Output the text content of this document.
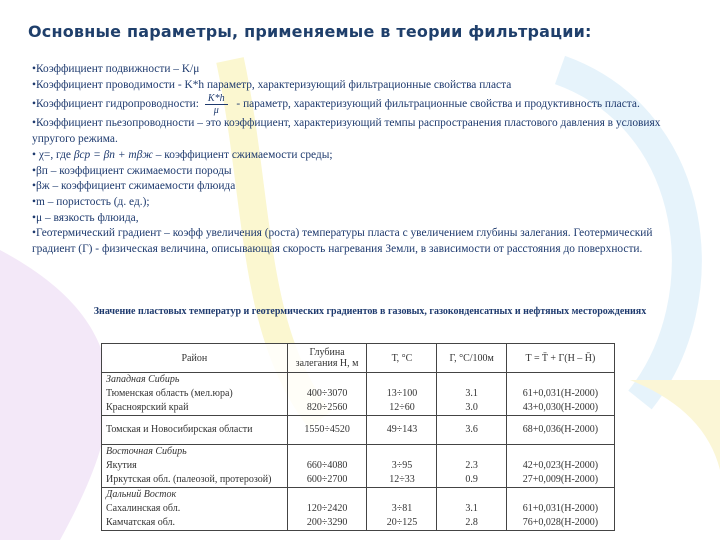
Основные параметры, применяемые в теории фильтрации:

•Коэффициент подвижности – K/μ

•Коэффициент проводимости - K*h параметр, характеризующий фильтрационные свойства пласта

•Коэффициент гидропроводности: $\frac{K*h}{\mu}$ - параметр, характеризующий фильтрационные свойства и продуктивность пласта.

•Коэффициент пьезопроводности – это коэффициент, характеризующий темпы распространения пластового давления в условиях упругого режима.

• χ=, где βср = βп + mβж – коэффициент сжимаемости среды;

•βп – коэффициент сжимаемости породы

•βж – коэффициент сжимаемости флюида

•m – пористость (д. ед.);

•μ – вязкость флюида,

•Геотермический градиент – коэфф увеличения (роста) температуры пласта с увеличением глубины залегания. Геотермический градиент (Г) - физическая величина, описывающая скорость нагревания Земли, в зависимости от расстояния до поверхности.

Значение пластовых температур и геотермических градиентов в газовых, газоконденсатных и нефтяных месторождениях
Район	Глубина залегания Н, м	Т, °С	Г, °С/100м	T = T̄ + Г(Н – H̄)
Западная Сибирь				
Тюменская область (мел.юра)	400÷3070	13÷100	3.1	61+0,031(Н-2000)
Красноярский край	820÷2560	12÷60	3.0	43+0,030(Н-2000)
Томская и Новосибирская области	1550÷4520	49÷143	3.6	68+0,036(Н-2000)
Восточная Сибирь				
Якутия	660÷4080	3÷95	2.3	42+0,023(Н-2000)
Иркутская обл. (палеозой, протерозой)	600÷2700	12÷33	0.9	27+0,009(Н-2000)
Дальний Восток				
Сахалинская обл.	120÷2420	3÷81	3.1	61+0,031(Н-2000)
Камчатская обл.	200÷3290	20÷125	2.8	76+0,028(Н-2000)
